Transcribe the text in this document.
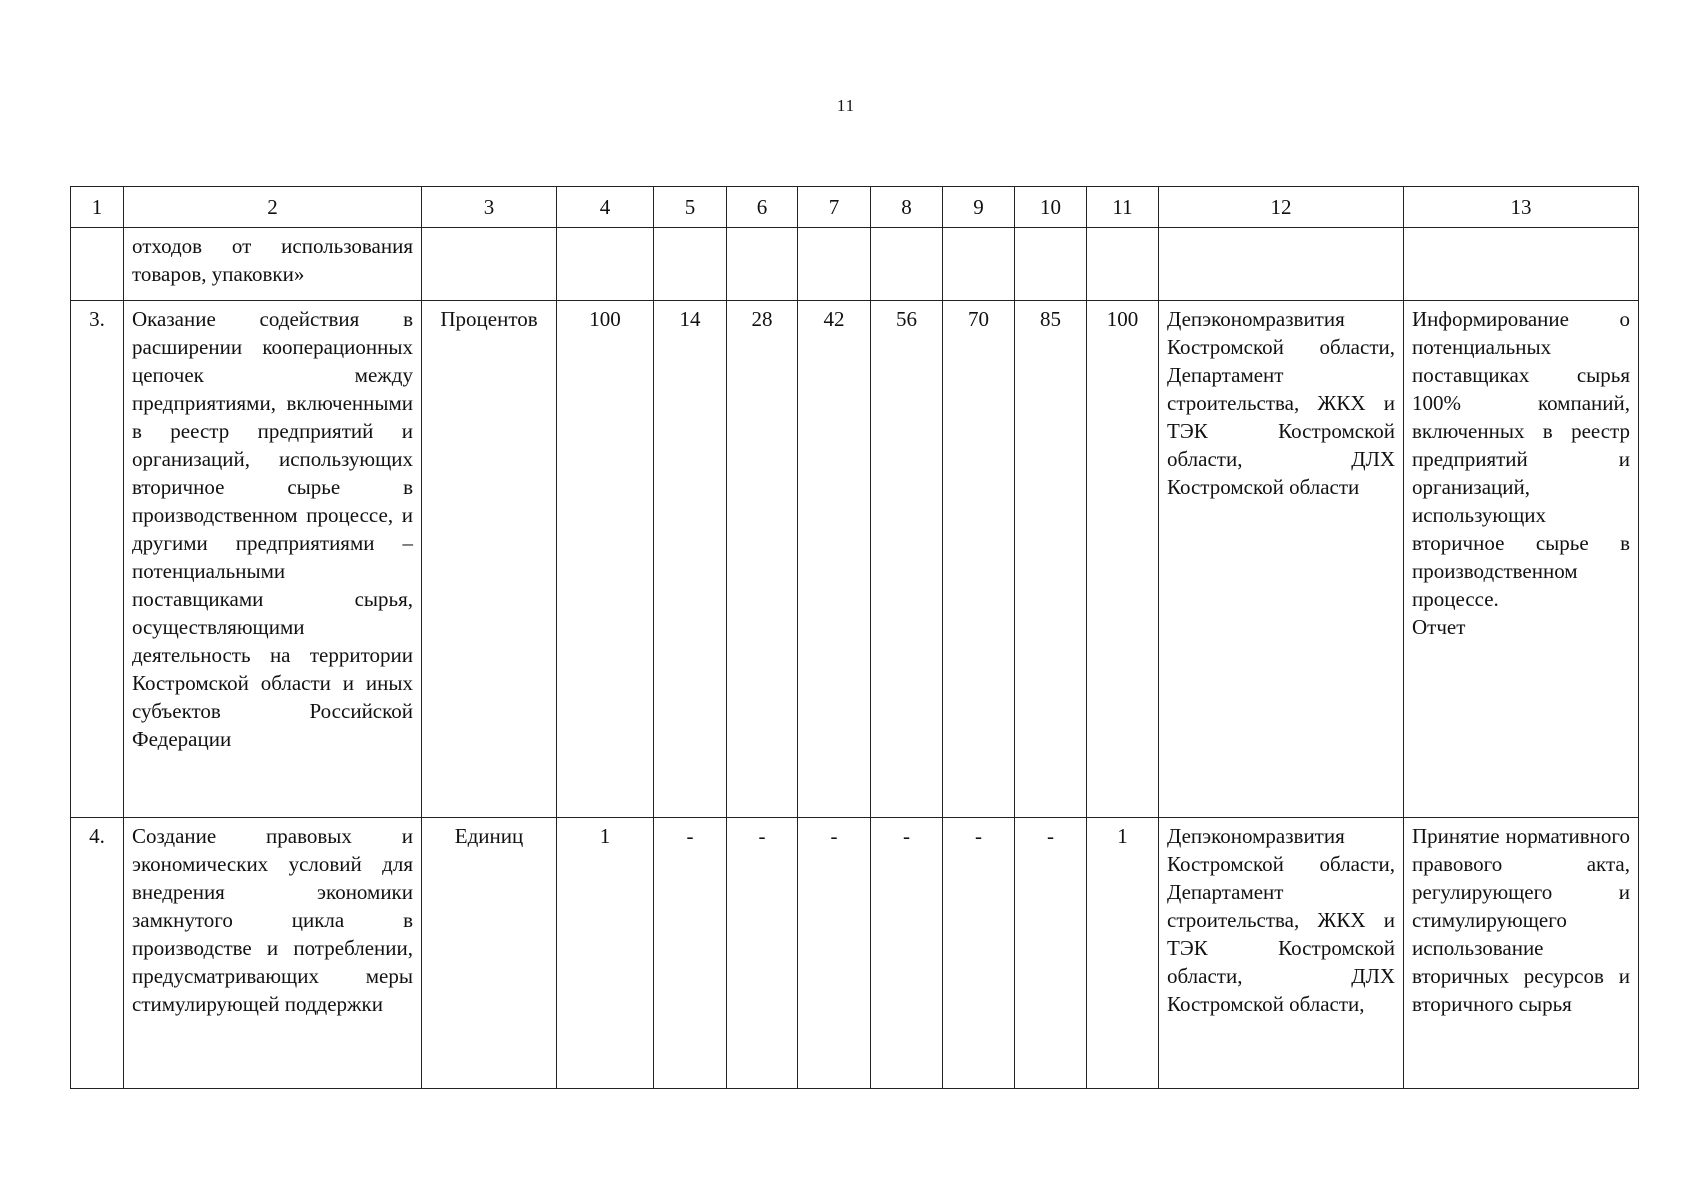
11
1	2	3	4	5	6	7	8	9	10	11	12	13
	отходов от использования товаров, упаковки»											
3.	Оказание содействия в расширении кооперационных цепочек между предприятиями, включенными в реестр предприятий и организаций, использующих вторичное сырье в производственном процессе, и другими предприятиями – потенциальными поставщиками сырья, осуществляющими деятельность на территории Костромской области и иных субъектов Российской Федерации	Процентов	100	14	28	42	56	70	85	100	Депэкономразвития Костромской области, Департамент строительства, ЖКХ и ТЭК Костромской области, ДЛХ Костромской области	Информирование о потенциальных поставщиках сырья 100% компаний, включенных в реестр предприятий и организаций, использующих вторичное сырье в производственном процессе.
Отчет
4.	Создание правовых и экономических условий для внедрения экономики замкнутого цикла в производстве и потреблении, предусматривающих меры стимулирующей поддержки	Единиц	1	-	-	-	-	-	-	1	Депэкономразвития Костромской области, Департамент строительства, ЖКХ и ТЭК Костромской области, ДЛХ Костромской области,	Принятие нормативного правового акта, регулирующего и стимулирующего использование вторичных ресурсов и вторичного сырья
